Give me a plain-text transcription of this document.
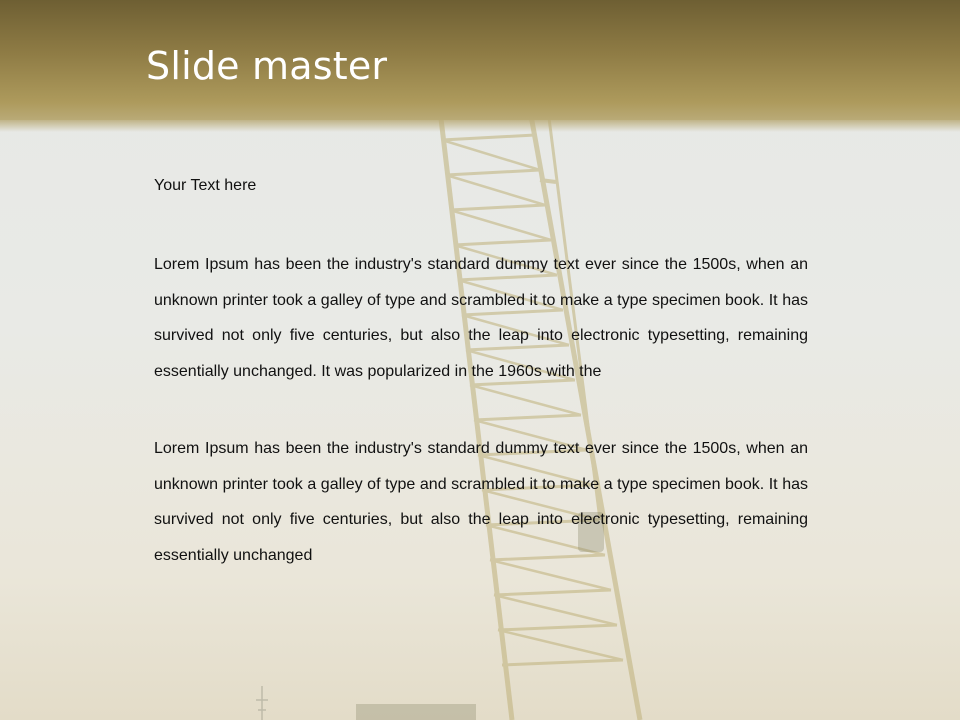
Slide master

Your Text here

Lorem Ipsum has been the industry's standard dummy text ever since the 1500s, when an unknown printer took a galley of type and scrambled it to make a type specimen book. It has survived not only five centuries, but also the leap into electronic typesetting, remaining essentially unchanged. It was popularized in the 1960s with the

Lorem Ipsum has been the industry's standard dummy text ever since the 1500s, when an unknown printer took a galley of type and scrambled it to make a type specimen book. It has survived not only five centuries, but also the leap into electronic typesetting, remaining essentially unchanged
